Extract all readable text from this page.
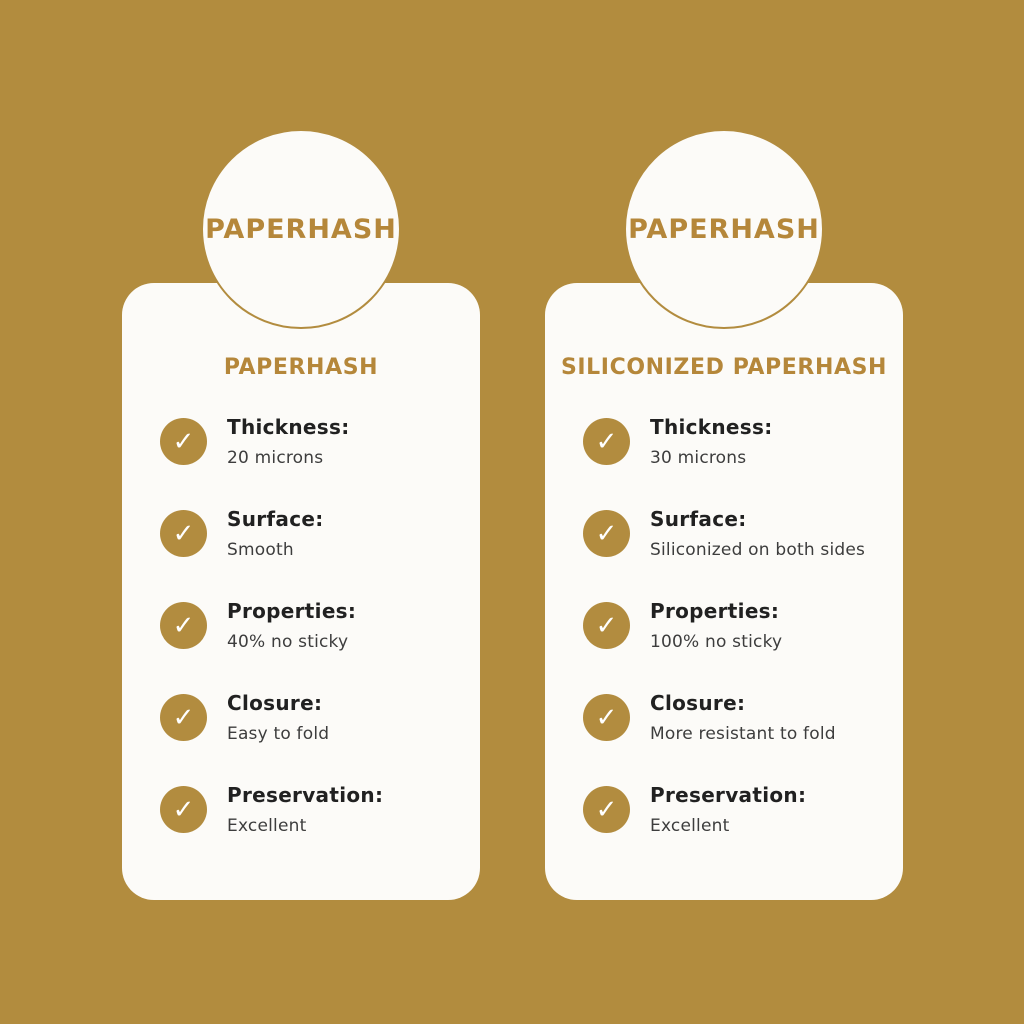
PAPERHASH
PAPERHASH
✓	Thickness:
20 microns
✓	Surface:
Smooth
✓	Properties:
40% no sticky
✓	Closure:
Easy to fold
✓	Preservation:
Excellent
PAPERHASH
SILICONIZED PAPERHASH
✓	Thickness:
30 microns
✓	Surface:
Siliconized on both sides
✓	Properties:
100% no sticky
✓	Closure:
More resistant to fold
✓	Preservation:
Excellent
